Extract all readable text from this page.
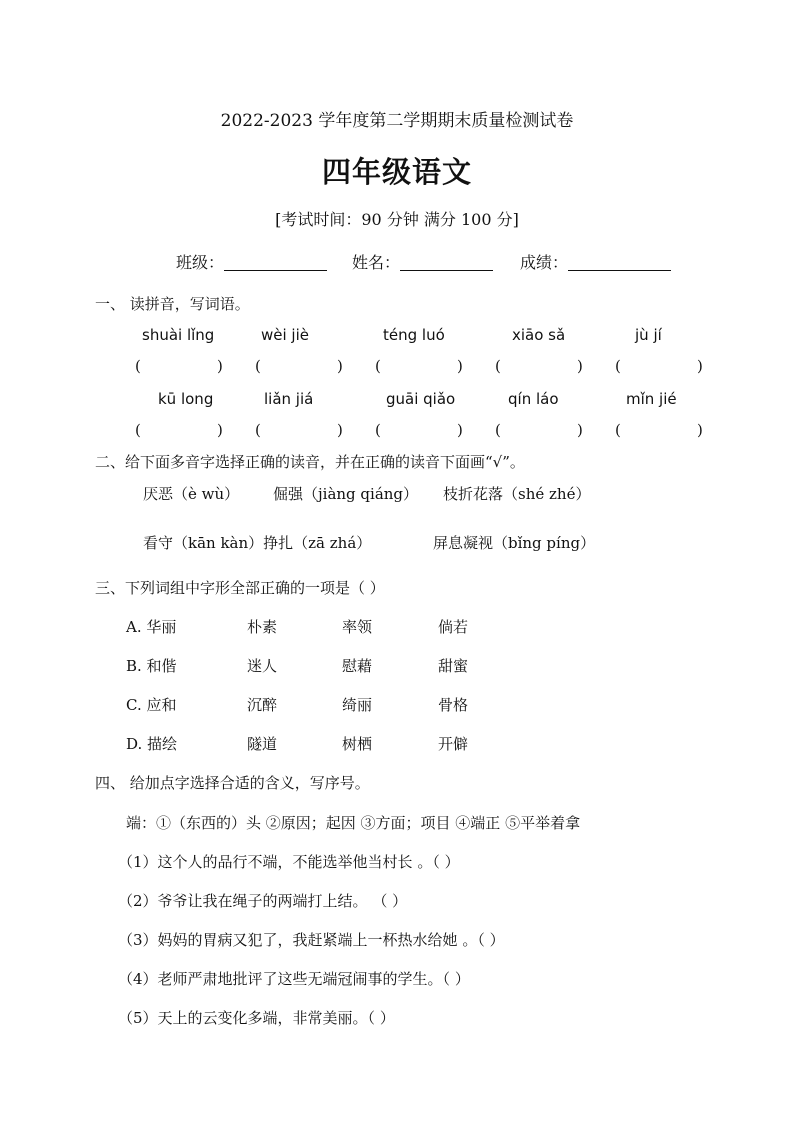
2022-2023 学年度第二学期期末质量检测试卷
四年级语文
[考试时间：90 分钟 满分 100 分]
班级：	姓名：	成绩：
一、 读拼音，写词语。
shuài lǐng	wèi jiè	téng luó	xiāo sǎ	jù jí
(	) (	) (	) (	) (	)
kū long	liǎn jiá	guāi qiǎo	qín láo	mǐn jié
(	) (	) (	) (	) (	)
二、给下面多音字选择正确的读音，并在正确的读音下面画“√”。
厌恶（è wù） 倔强（jiàng qiáng） 枝折花落（shé zhé）
看守（kān kàn）挣扎（zā zhá）	屏息凝视（bǐng píng）
三、下列词组中字形全部正确的一项是（ ）
A. 华丽	朴素	率领	倘若
B. 和偕	迷人	慰藉	甜蜜
C. 应和	沉醉	绮丽	骨格
D. 描绘	隧道	树栖	开僻
四、 给加点字选择合适的含义，写序号。
端：①（东西的）头 ②原因；起因 ③方面；项目 ④端正 ⑤平举着拿
（1）这个人的品行不端，不能选举他当村长 。（ ）
（2）爷爷让我在绳子的两端打上结。 （ ）
（3）妈妈的胃病又犯了，我赶紧端上一杯热水给她 。（ ）
（4）老师严肃地批评了这些无端冠闹事的学生。（ ）
（5）天上的云变化多端，非常美丽。（ ）
